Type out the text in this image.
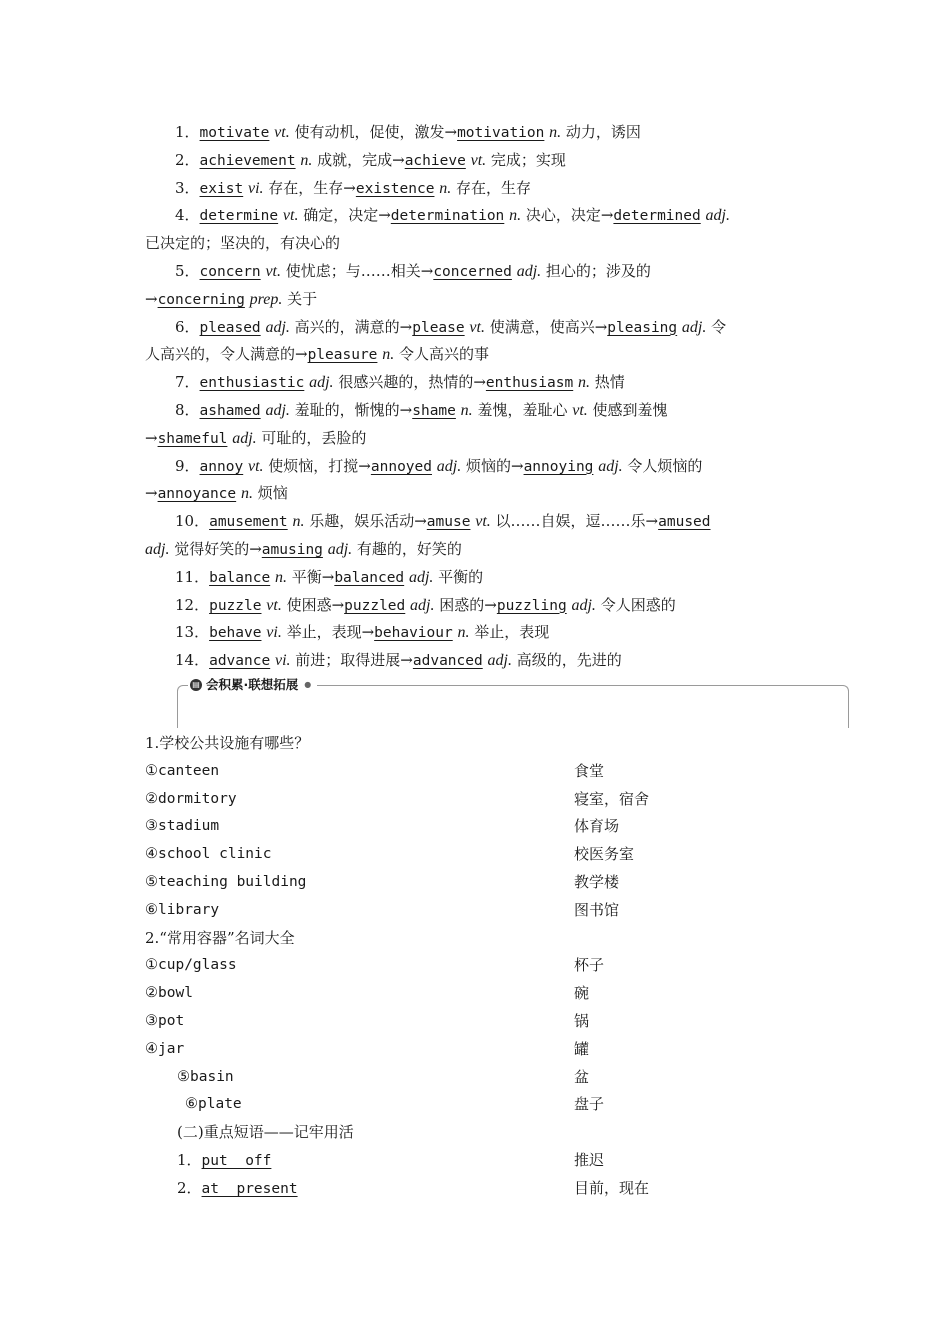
1．motivate vt. 使有动机，促使，激发→motivation n. 动力，诱因
2．achievement n. 成就，完成→achieve vt. 完成；实现
3．exist vi. 存在，生存→existence n. 存在，生存
4．determine vt. 确定，决定→determination n. 决心，决定→determined adj.
已决定的；坚决的，有决心的
5．concern vt. 使忧虑；与……相关→concerned adj. 担心的；涉及的
→concerning prep. 关于
6．pleased adj. 高兴的，满意的→please vt. 使满意，使高兴→pleasing adj. 令
人高兴的，令人满意的→pleasure n. 令人高兴的事
7．enthusiastic adj. 很感兴趣的，热情的→enthusiasm n. 热情
8．ashamed adj. 羞耻的，惭愧的→shame n. 羞愧，羞耻心 vt. 使感到羞愧
→shameful adj. 可耻的，丢脸的
9．annoy vt. 使烦恼，打搅→annoyed adj. 烦恼的→annoying adj. 令人烦恼的
→annoyance n. 烦恼
10．amusement n. 乐趣，娱乐活动→amuse vt. 以……自娱，逗……乐→amused
adj. 觉得好笑的→amusing adj. 有趣的，好笑的
11．balance n. 平衡→balanced adj. 平衡的
12．puzzle vt. 使困惑→puzzled adj. 困惑的→puzzling adj. 令人困惑的
13．behave vi. 举止，表现→behaviour n. 举止，表现
14．advance vi. 前进；取得进展→advanced adj. 高级的，先进的
▤ 会积累·联想拓展 ●
1.学校公共设施有哪些？
①canteen	食堂
②dormitory	寝室，宿舍
③stadium	体育场
④school clinic	校医务室
⑤teaching building	教学楼
⑥library	图书馆
2.“常用容器”名词大全
①cup/glass	杯子
②bowl	碗
③pot	锅
④jar	罐
⑤basin	盆
⑥plate	盘子
(二)重点短语——记牢用活
1．put  off	推迟
2．at  present	目前，现在
